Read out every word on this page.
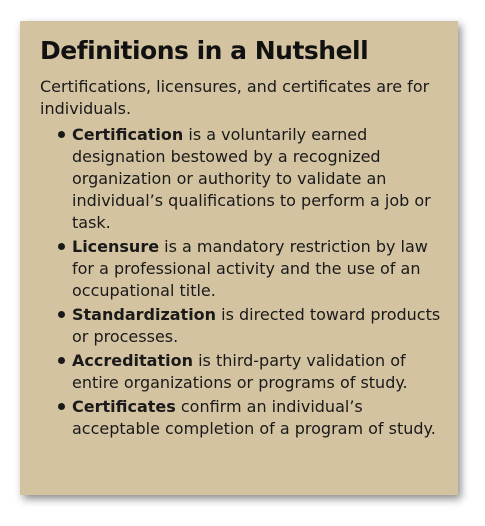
Definitions in a Nutshell

Certifications, licensures, and certificates are for individuals.

Certification is a voluntarily earned designation bestowed by a recognized organization or authority to validate an individual’s qualifications to perform a job or task.
Licensure is a mandatory restriction by law for a professional activity and the use of an occupational title.
Standardization is directed toward products or processes.
Accreditation is third-party validation of entire organizations or programs of study.
Certificates confirm an individual’s acceptable completion of a program of study.
